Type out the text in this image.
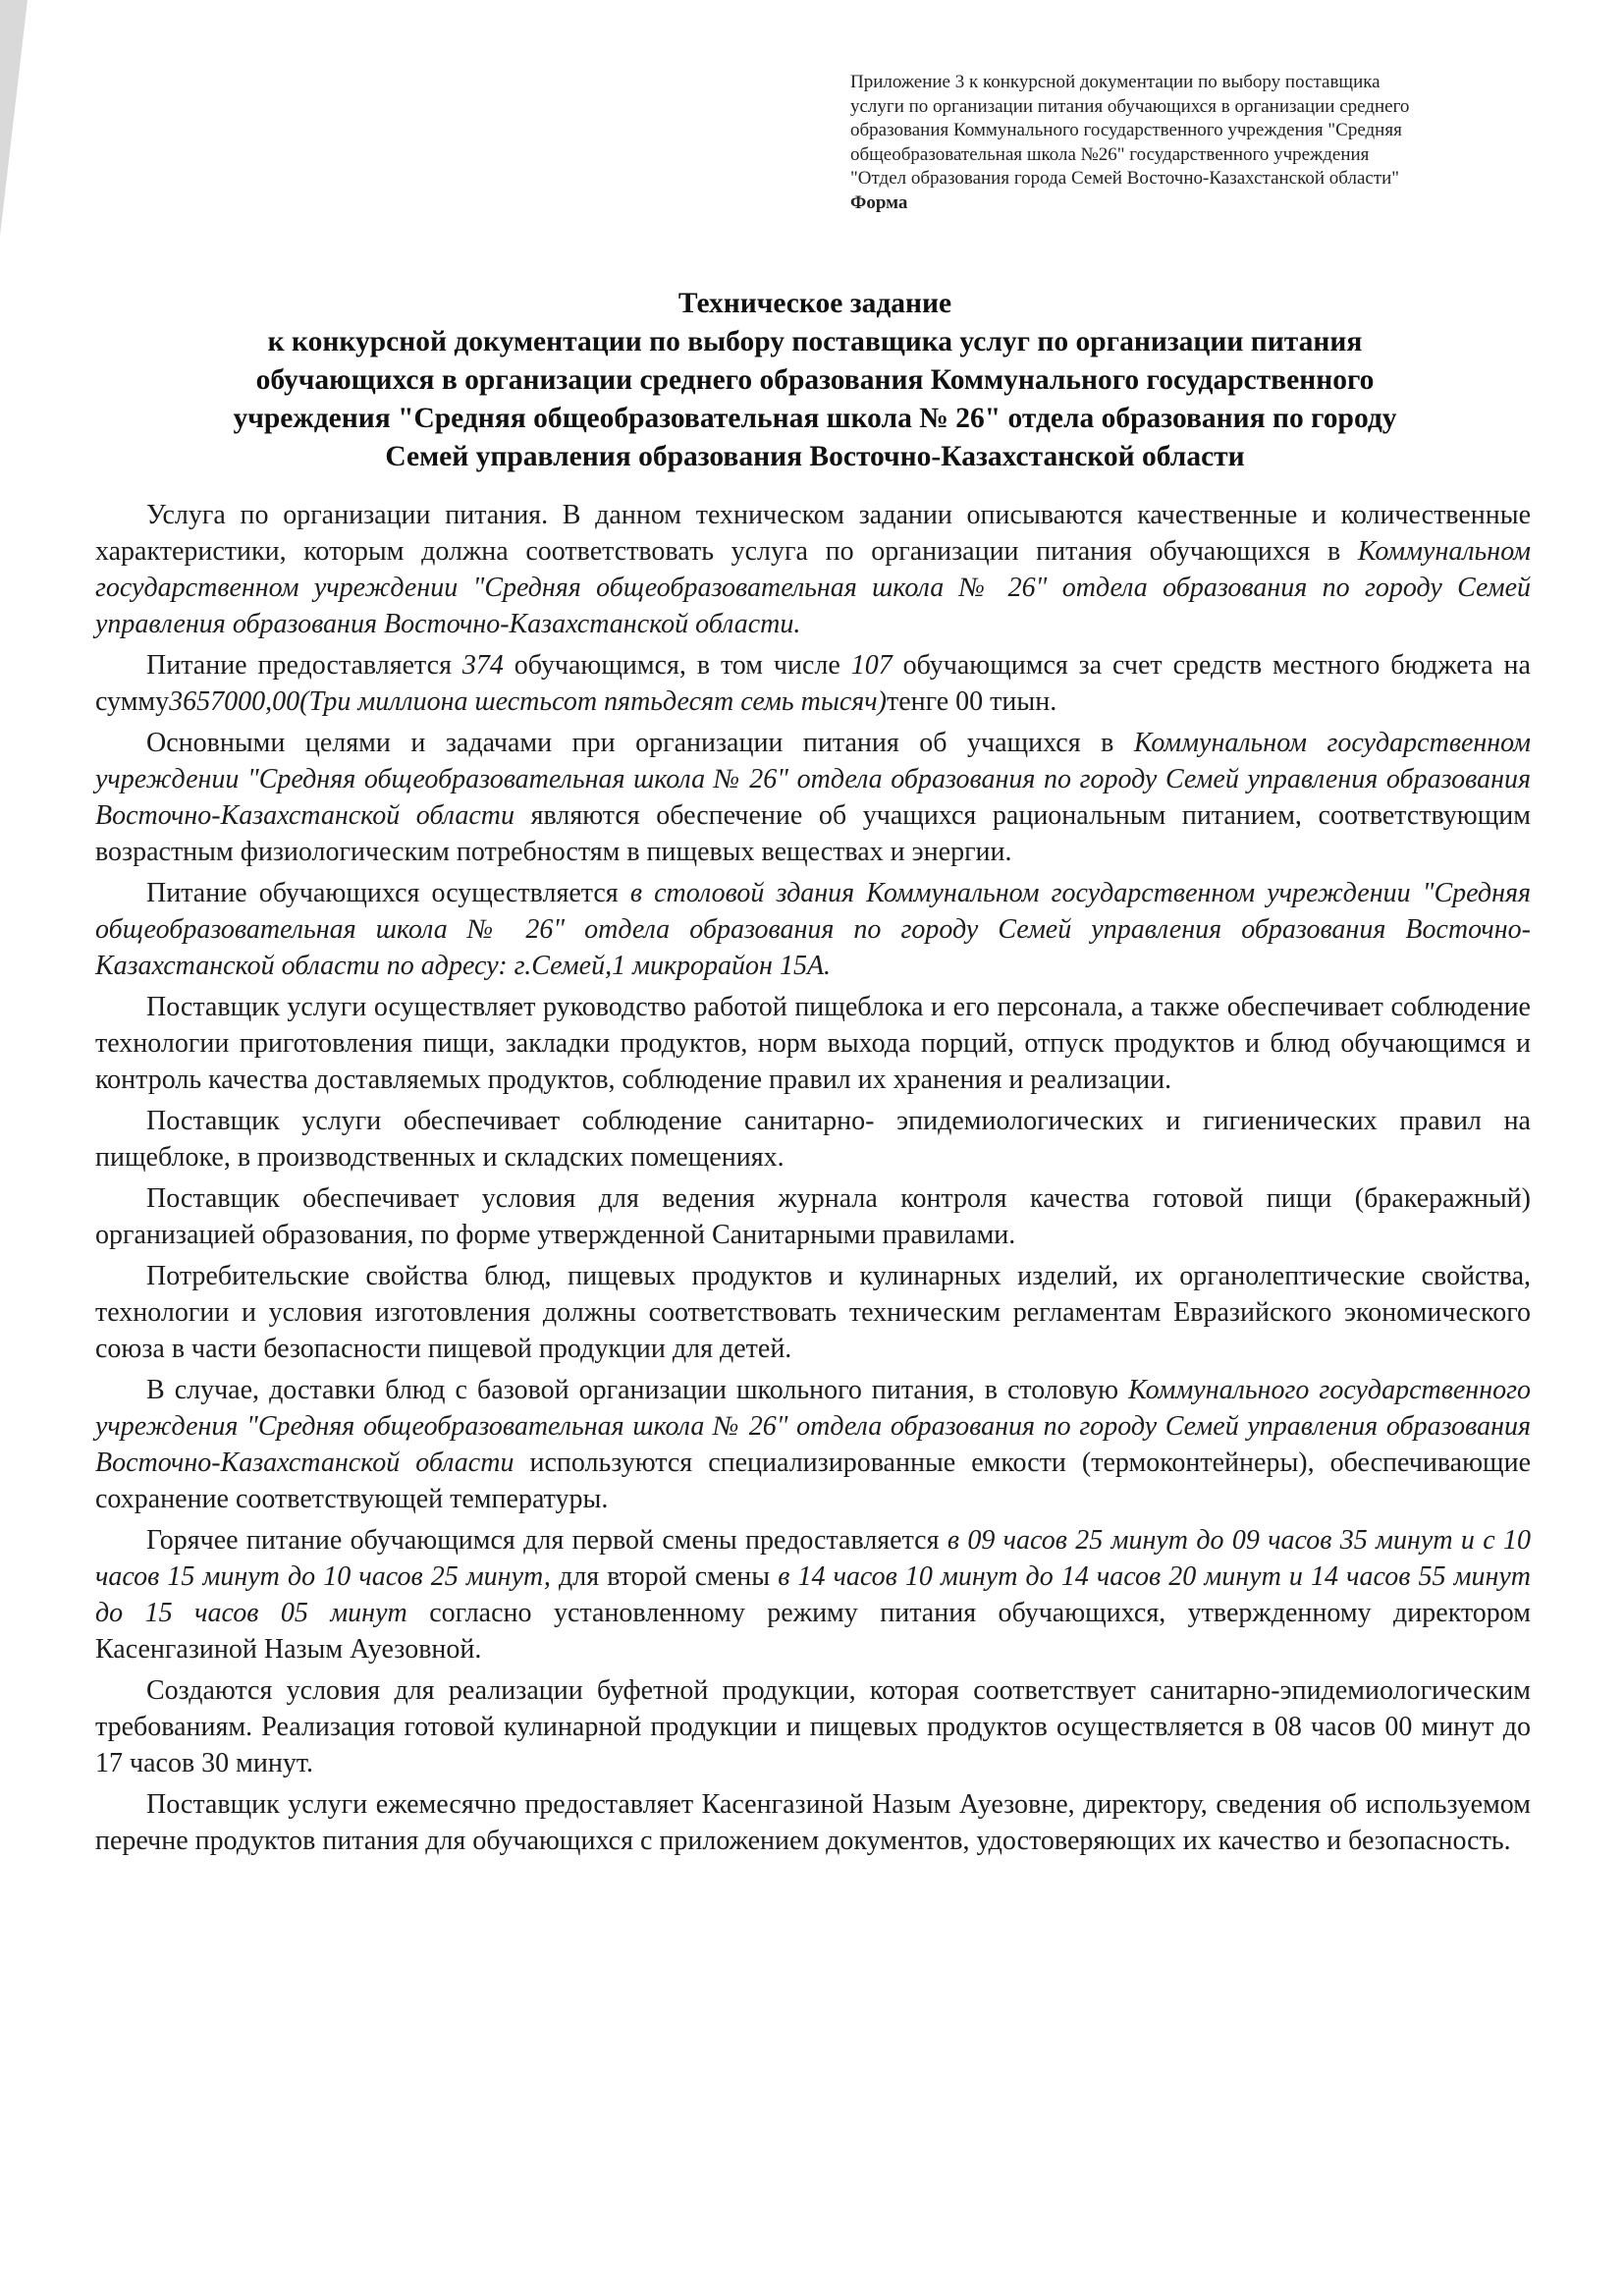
Приложение 3 к конкурсной документации по выбору поставщика
услуги по организации питания обучающихся в организации среднего
образования Коммунального государственного учреждения "Средняя
общеобразовательная школа №26" государственного учреждения
"Отдел образования города Семей Восточно-Казахстанской области"
Форма
Техническое задание
к конкурсной документации по выбору поставщика услуг по организации питания
обучающихся в организации среднего образования Коммунального государственного
учреждения "Средняя общеобразовательная школа № 26" отдела образования по городу
Семей управления образования Восточно-Казахстанской области

Услуга по организации питания. В данном техническом задании описываются качественные и количественные характеристики, которым должна соответствовать услуга по организации питания обучающихся в Коммунальном государственном учреждении "Средняя общеобразовательная школа № 26" отдела образования по городу Семей управления образования Восточно-Казахстанской области.

Питание предоставляется 374 обучающимся, в том числе 107 обучающимся за счет средств местного бюджета на сумму3657000,00(Три миллиона шестьсот пятьдесят семь тысяч)тенге 00 тиын.

Основными целями и задачами при организации питания об учащихся в Коммунальном государственном учреждении "Средняя общеобразовательная школа № 26" отдела образования по городу Семей управления образования Восточно-Казахстанской области являются обеспечение об учащихся рациональным питанием, соответствующим возрастным физиологическим потребностям в пищевых веществах и энергии.

Питание обучающихся осуществляется в столовой здания Коммунальном государственном учреждении "Средняя общеобразовательная школа № 26" отдела образования по городу Семей управления образования Восточно-Казахстанской области по адресу: г.Семей,1 микрорайон 15А.

Поставщик услуги осуществляет руководство работой пищеблока и его персонала, а также обеспечивает соблюдение технологии приготовления пищи, закладки продуктов, норм выхода порций, отпуск продуктов и блюд обучающимся и контроль качества доставляемых продуктов, соблюдение правил их хранения и реализации.

Поставщик услуги обеспечивает соблюдение санитарно- эпидемиологических и гигиенических правил на пищеблоке, в производственных и складских помещениях.

Поставщик обеспечивает условия для ведения журнала контроля качества готовой пищи (бракеражный) организацией образования, по форме утвержденной Санитарными правилами.

Потребительские свойства блюд, пищевых продуктов и кулинарных изделий, их органолептические свойства, технологии и условия изготовления должны соответствовать техническим регламентам Евразийского экономического союза в части безопасности пищевой продукции для детей.

В случае, доставки блюд с базовой организации школьного питания, в столовую Коммунального государственного учреждения "Средняя общеобразовательная школа № 26" отдела образования по городу Семей управления образования Восточно-Казахстанской области используются специализированные емкости (термоконтейнеры), обеспечивающие сохранение соответствующей температуры.

Горячее питание обучающимся для первой смены предоставляется в 09 часов 25 минут до 09 часов 35 минут и с 10 часов 15 минут до 10 часов 25 минут, для второй смены в 14 часов 10 минут до 14 часов 20 минут и 14 часов 55 минут до 15 часов 05 минут согласно установленному режиму питания обучающихся, утвержденному директором Касенгазиной Назым Ауезовной.

Создаются условия для реализации буфетной продукции, которая соответствует санитарно-эпидемиологическим требованиям. Реализация готовой кулинарной продукции и пищевых продуктов осуществляется в 08 часов 00 минут до 17 часов 30 минут.

Поставщик услуги ежемесячно предоставляет Касенгазиной Назым Ауезовне, директору, сведения об используемом перечне продуктов питания для обучающихся с приложением документов, удостоверяющих их качество и безопасность.
